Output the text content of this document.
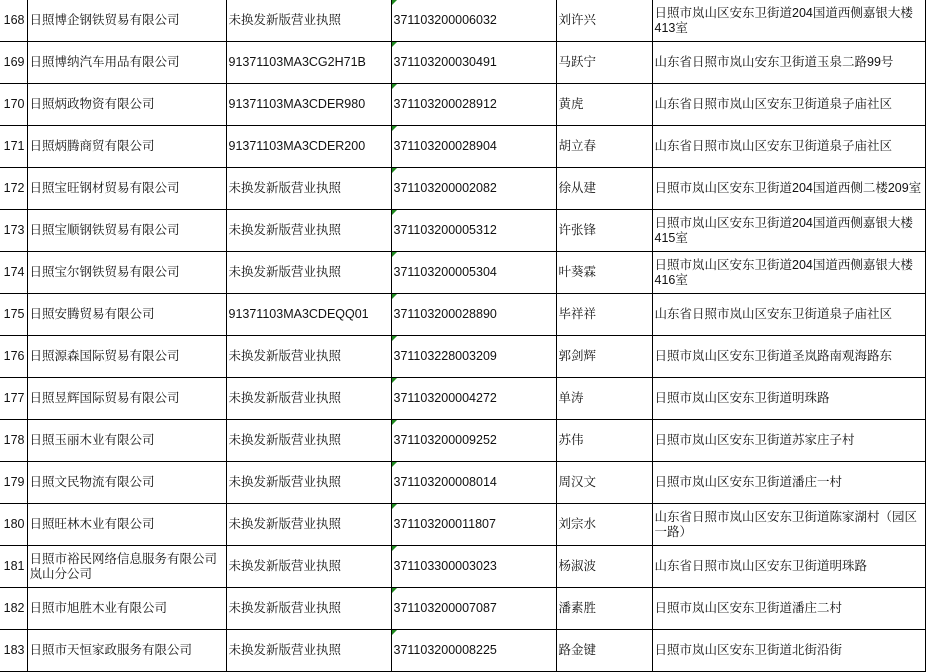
168	日照博企钢铁贸易有限公司	未换发新版营业执照	371103200006032	刘许兴	日照市岚山区安东卫街道204国道西侧嘉银大楼413室
169	日照博纳汽车用品有限公司	91371103MA3CG2H71B	371103200030491	马跃宁	山东省日照市岚山安东卫街道玉泉二路99号
170	日照炳政物资有限公司	91371103MA3CDER980	371103200028912	黄虎	山东省日照市岚山区安东卫街道泉子庙社区
171	日照炳腾商贸有限公司	91371103MA3CDER200	371103200028904	胡立春	山东省日照市岚山区安东卫街道泉子庙社区
172	日照宝旺钢材贸易有限公司	未换发新版营业执照	371103200002082	徐从建	日照市岚山区安东卫街道204国道西侧二楼209室
173	日照宝顺钢铁贸易有限公司	未换发新版营业执照	371103200005312	许张锋	日照市岚山区安东卫街道204国道西侧嘉银大楼415室
174	日照宝尔钢铁贸易有限公司	未换发新版营业执照	371103200005304	叶葵霖	日照市岚山区安东卫街道204国道西侧嘉银大楼416室
175	日照安腾贸易有限公司	91371103MA3CDEQQ01	371103200028890	毕祥祥	山东省日照市岚山区安东卫街道泉子庙社区
176	日照源森国际贸易有限公司	未换发新版营业执照	371103228003209	郭剑辉	日照市岚山区安东卫街道圣岚路南观海路东
177	日照昱辉国际贸易有限公司	未换发新版营业执照	371103200004272	单涛	日照市岚山区安东卫街道明珠路
178	日照玉丽木业有限公司	未换发新版营业执照	371103200009252	苏伟	日照市岚山区安东卫街道苏家庄子村
179	日照文民物流有限公司	未换发新版营业执照	371103200008014	周汉文	日照市岚山区安东卫街道潘庄一村
180	日照旺林木业有限公司	未换发新版营业执照	371103200011807	刘宗水	山东省日照市岚山区安东卫街道陈家湖村（园区一路）
181	日照市裕民网络信息服务有限公司岚山分公司	未换发新版营业执照	371103300003023	杨淑波	山东省日照市岚山区安东卫街道明珠路
182	日照市旭胜木业有限公司	未换发新版营业执照	371103200007087	潘素胜	日照市岚山区安东卫街道潘庄二村
183	日照市天恒家政服务有限公司	未换发新版营业执照	371103200008225	路金键	日照市岚山区安东卫街道北街沿街
